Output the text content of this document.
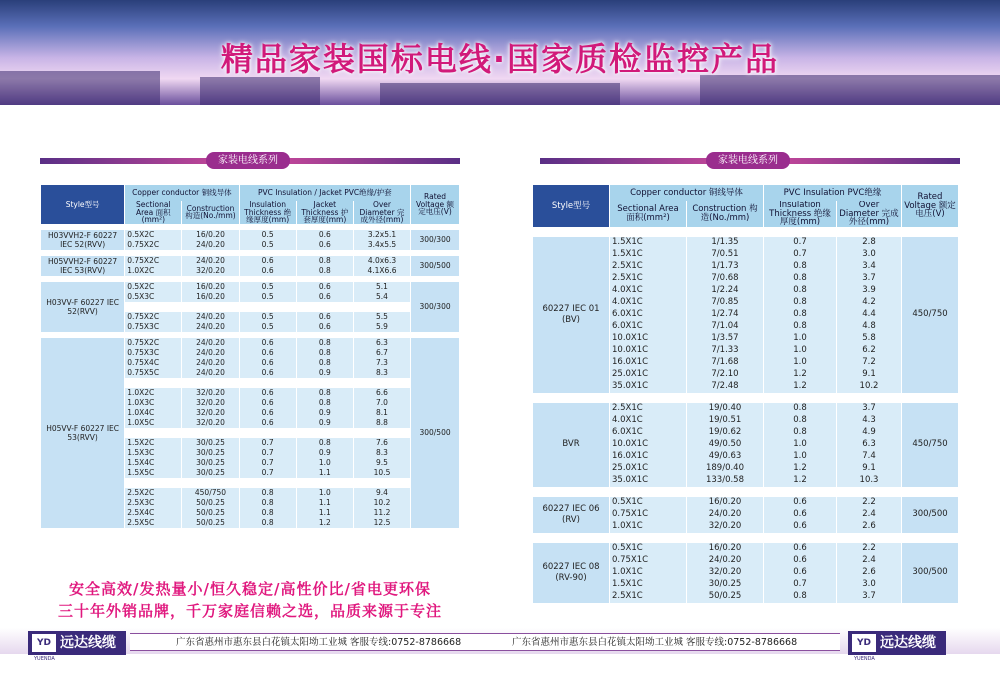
精品家装国标电线·国家质检监控产品
家装电线系列	家装电线系列
Style型号	Copper conductor 铜线导体		PVC Insulation / Jacket PVC绝缘/护套			Rated Voltage 额定电压(V)
	Sectional Area 面积(mm²)	Construction 构造(No./mm)	Insulation Thickness 绝缘厚度(mm)	Jacket Thickness 护套厚度(mm)	Over Diameter 完成外径(mm)	

H03VVH2-F 60227 IEC 52(RVV)	0.5X2C	16/0.20	0.5	0.6	3.2x5.1	300/300
	0.75X2C	24/0.20	0.5	0.6	3.4x5.5	

H05VVH2-F 60227 IEC 53(RVV)	0.75X2C	24/0.20	0.6	0.8	4.0x6.3	300/500
	1.0X2C	32/0.20	0.6	0.8	4.1X6.6	

H03VV-F 60227 IEC 52(RVV)	0.5X2C	16/0.20	0.5	0.6	5.1	300/300
	0.5X3C	16/0.20	0.5	0.6	5.4	

	0.75X2C	24/0.20	0.5	0.6	5.5	
	0.75X3C	24/0.20	0.5	0.6	5.9	

H05VV-F 60227 IEC 53(RVV)	0.75X2C	24/0.20	0.6	0.8	6.3	300/500
	0.75X3C	24/0.20	0.6	0.8	6.7	
	0.75X4C	24/0.20	0.6	0.8	7.3	
	0.75X5C	24/0.20	0.6	0.9	8.3	

	1.0X2C	32/0.20	0.6	0.8	6.6	
	1.0X3C	32/0.20	0.6	0.8	7.0	
	1.0X4C	32/0.20	0.6	0.9	8.1	
	1.0X5C	32/0.20	0.6	0.9	8.8	

	1.5X2C	30/0.25	0.7	0.8	7.6	
	1.5X3C	30/0.25	0.7	0.9	8.3	
	1.5X4C	30/0.25	0.7	1.0	9.5	
	1.5X5C	30/0.25	0.7	1.1	10.5	

	2.5X2C	450/750	0.8	1.0	9.4	
	2.5X3C	50/0.25	0.8	1.1	10.2	
	2.5X4C	50/0.25	0.8	1.1	11.2	
	2.5X5C	50/0.25	0.8	1.2	12.5	
Style型号	Copper conductor 铜线导体		PVC Insulation PVC绝缘		Rated Voltage 额定电压(V)
	Sectional Area 面积(mm²)	Construction 构造(No./mm)	Insulation Thickness 绝缘厚度(mm)	Over Diameter 完成外径(mm)	

60227 IEC 01 (BV)	1.5X1C	1/1.35	0.7	2.8	450/750
	1.5X1C	7/0.51	0.7	3.0	
	2.5X1C	1/1.73	0.8	3.4	
	2.5X1C	7/0.68	0.8	3.7	
	4.0X1C	1/2.24	0.8	3.9	
	4.0X1C	7/0.85	0.8	4.2	
	6.0X1C	1/2.74	0.8	4.4	
	6.0X1C	7/1.04	0.8	4.8	
	10.0X1C	1/3.57	1.0	5.8	
	10.0X1C	7/1.33	1.0	6.2	
	16.0X1C	7/1.68	1.0	7.2	
	25.0X1C	7/2.10	1.2	9.1	
	35.0X1C	7/2.48	1.2	10.2	

BVR	2.5X1C	19/0.40	0.8	3.7	450/750
	4.0X1C	19/0.51	0.8	4.3	
	6.0X1C	19/0.62	0.8	4.9	
	10.0X1C	49/0.50	1.0	6.3	
	16.0X1C	49/0.63	1.0	7.4	
	25.0X1C	189/0.40	1.2	9.1	
	35.0X1C	133/0.58	1.2	10.3	

60227 IEC 06 (RV)	0.5X1C	16/0.20	0.6	2.2	300/500
	0.75X1C	24/0.20	0.6	2.4	
	1.0X1C	32/0.20	0.6	2.6	

60227 IEC 08 (RV-90)	0.5X1C	16/0.20	0.6	2.2	300/500
	0.75X1C	24/0.20	0.6	2.4	
	1.0X1C	32/0.20	0.6	2.6	
	1.5X1C	30/0.25	0.7	3.0	
	2.5X1C	50/0.25	0.8	3.7	
安全高效/发热量小/恒久稳定/高性价比/省电更环保
三十年外销品牌，千万家庭信赖之选，品质来源于专注
广东省惠州市惠东县白花镇太阳坳工业城 客服专线:0752-8786668	广东省惠州市惠东县白花镇太阳坳工业城 客服专线:0752-8786668
YD 远达线缆
YUENDA
YD 远达线缆
YUENDA
